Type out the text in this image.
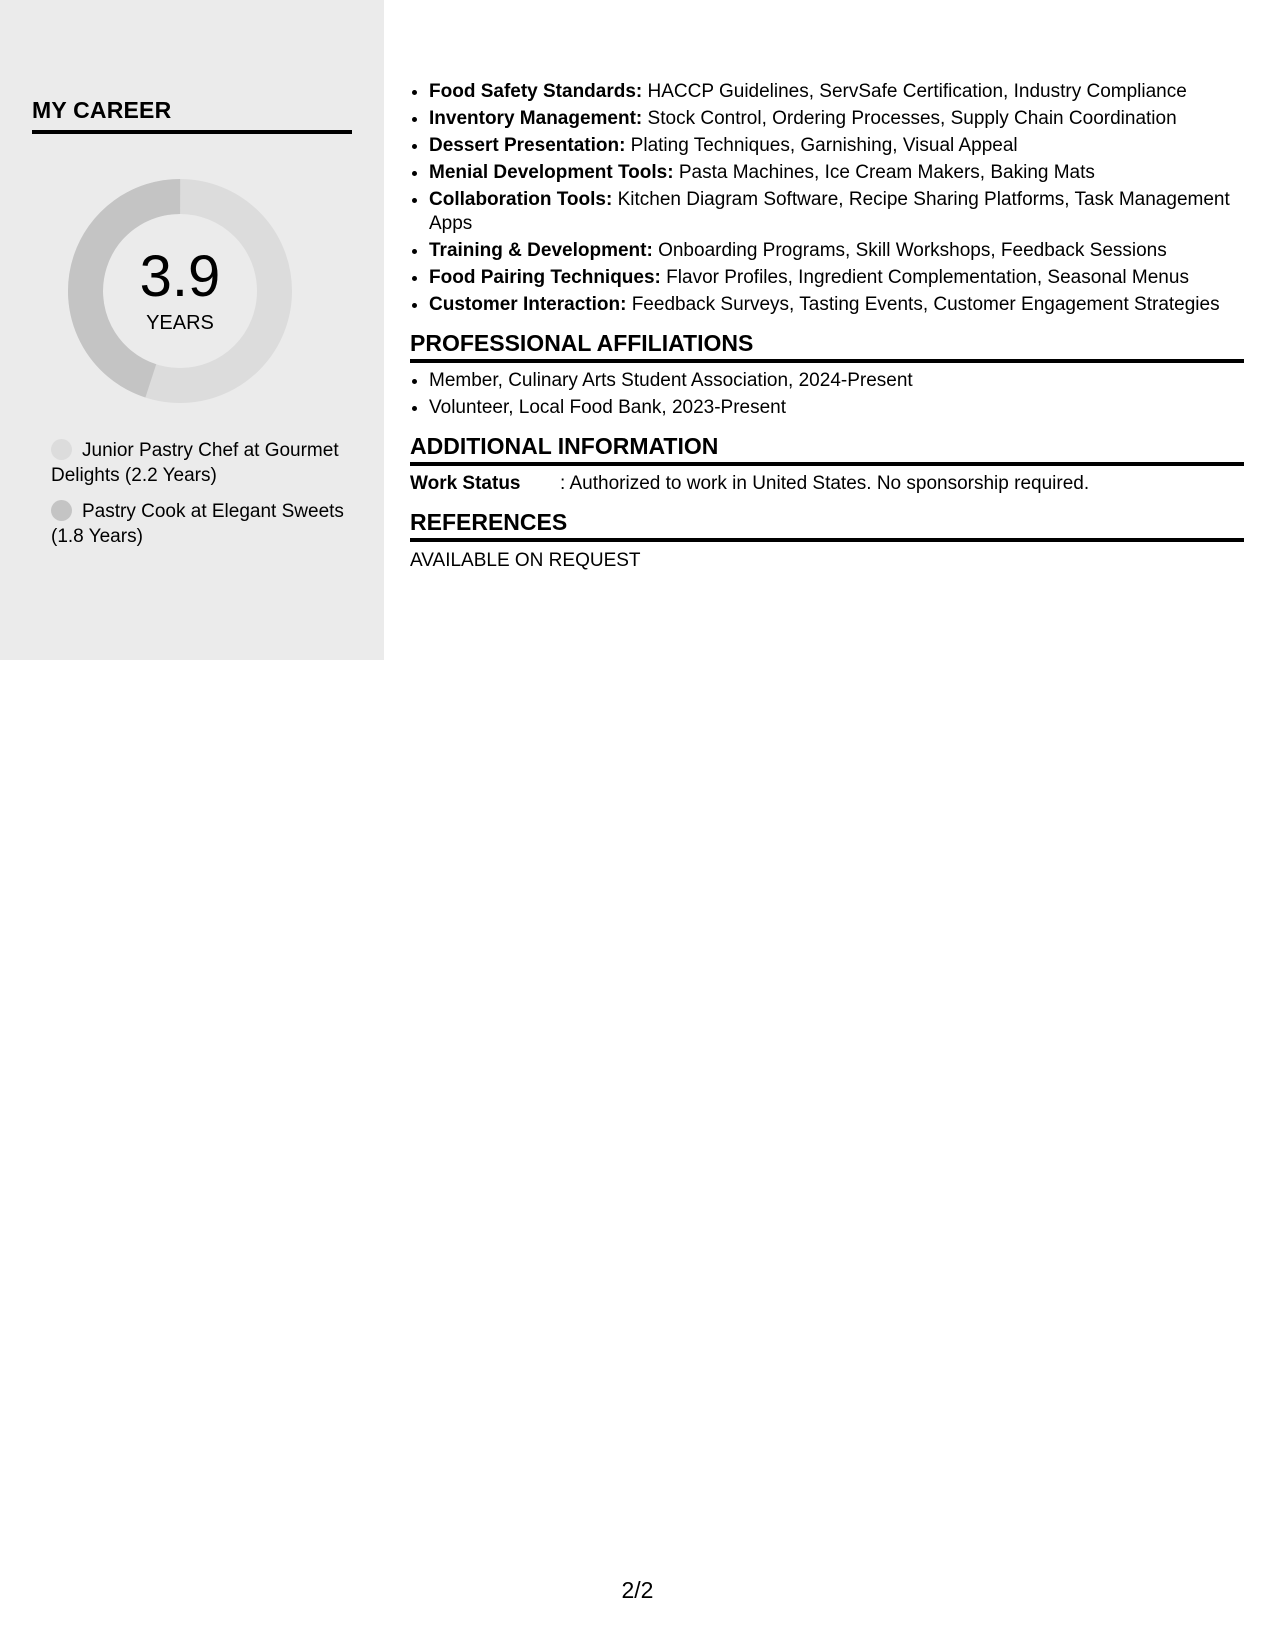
MY CAREER
3.9
YEARS
Junior Pastry Chef at Gourmet Delights (2.2 Years)
Pastry Cook at Elegant Sweets (1.8 Years)
• Food Safety Standards: HACCP Guidelines, ServSafe Certification, Industry Compliance
• Inventory Management: Stock Control, Ordering Processes, Supply Chain Coordination
• Dessert Presentation: Plating Techniques, Garnishing, Visual Appeal
• Menial Development Tools: Pasta Machines, Ice Cream Makers, Baking Mats
• Collaboration Tools: Kitchen Diagram Software, Recipe Sharing Platforms, Task Management Apps
• Training & Development: Onboarding Programs, Skill Workshops, Feedback Sessions
• Food Pairing Techniques: Flavor Profiles, Ingredient Complementation, Seasonal Menus
• Customer Interaction: Feedback Surveys, Tasting Events, Customer Engagement Strategies
PROFESSIONAL AFFILIATIONS
• Member, Culinary Arts Student Association, 2024-Present
• Volunteer, Local Food Bank, 2023-Present
ADDITIONAL INFORMATION
Work Status : Authorized to work in United States. No sponsorship required.
REFERENCES
AVAILABLE ON REQUEST
2/2
